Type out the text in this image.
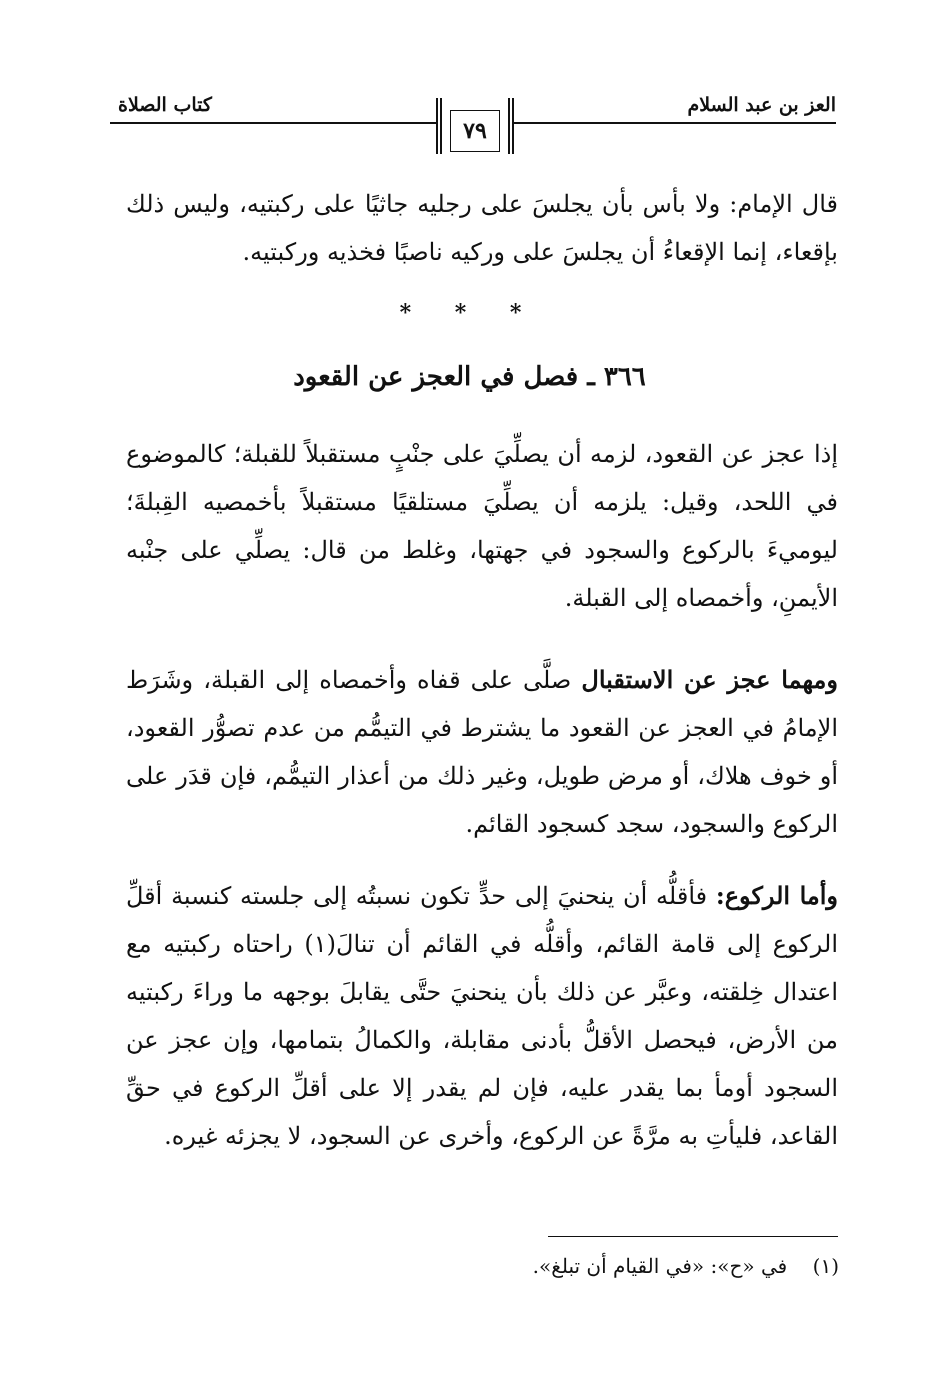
كتاب الصلاة
٧٩
العز بن عبد السلام

قال الإمام: ولا بأس بأن يجلسَ على رجليه جاثيًا على ركبتيه، وليس ذلك بإقعاء، إنما الإقعاءُ أن يجلسَ على وركيه ناصبًا فخذيه وركبتيه.

* * *
٣٦٦ ـ فصل في العجز عن القعود

إذا عجز عن القعود، لزمه أن يصلِّيَ على جنْبٍ مستقبلاً للقبلة؛ كالموضوع في اللحد، وقيل: يلزمه أن يصلِّيَ مستلقيًا مستقبلاً بأخمصيه القِبلةَ؛ ليوميءَ بالركوع والسجود في جهتها، وغلط من قال: يصلِّي على جنْبه الأيمنِ، وأخمصاه إلى القبلة.

ومهما عجز عن الاستقبال صلَّى على قفاه وأخمصاه إلى القبلة، وشَرَط الإمامُ في العجز عن القعود ما يشترط في التيمُّم من عدم تصوُّر القعود، أو خوف هلاك، أو مرض طويل، وغير ذلك من أعذار التيمُّم، فإن قدَر على الركوع والسجود، سجد كسجود القائم.

وأما الركوع: فأقلُّه أن ينحنيَ إلى حدٍّ تكون نسبتُه إلى جلسته كنسبة أقلِّ الركوع إلى قامة القائم، وأقلُّه في القائم أن تنالَ(١) راحتاه ركبتيه مع اعتدال خِلقته، وعبَّر عن ذلك بأن ينحنيَ حتَّى يقابلَ بوجهه ما وراءَ ركبتيه من الأرض، فيحصل الأقلُّ بأدنى مقابلة، والكمالُ بتمامها، وإن عجز عن السجود أومأ بما يقدر عليه، فإن لم يقدر إلا على أقلِّ الركوع في حقِّ القاعد، فليأتِ به مرَّةً عن الركوع، وأخرى عن السجود، لا يجزئه غيره.

(١)    في «ح»: «في القيام أن تبلغ».
